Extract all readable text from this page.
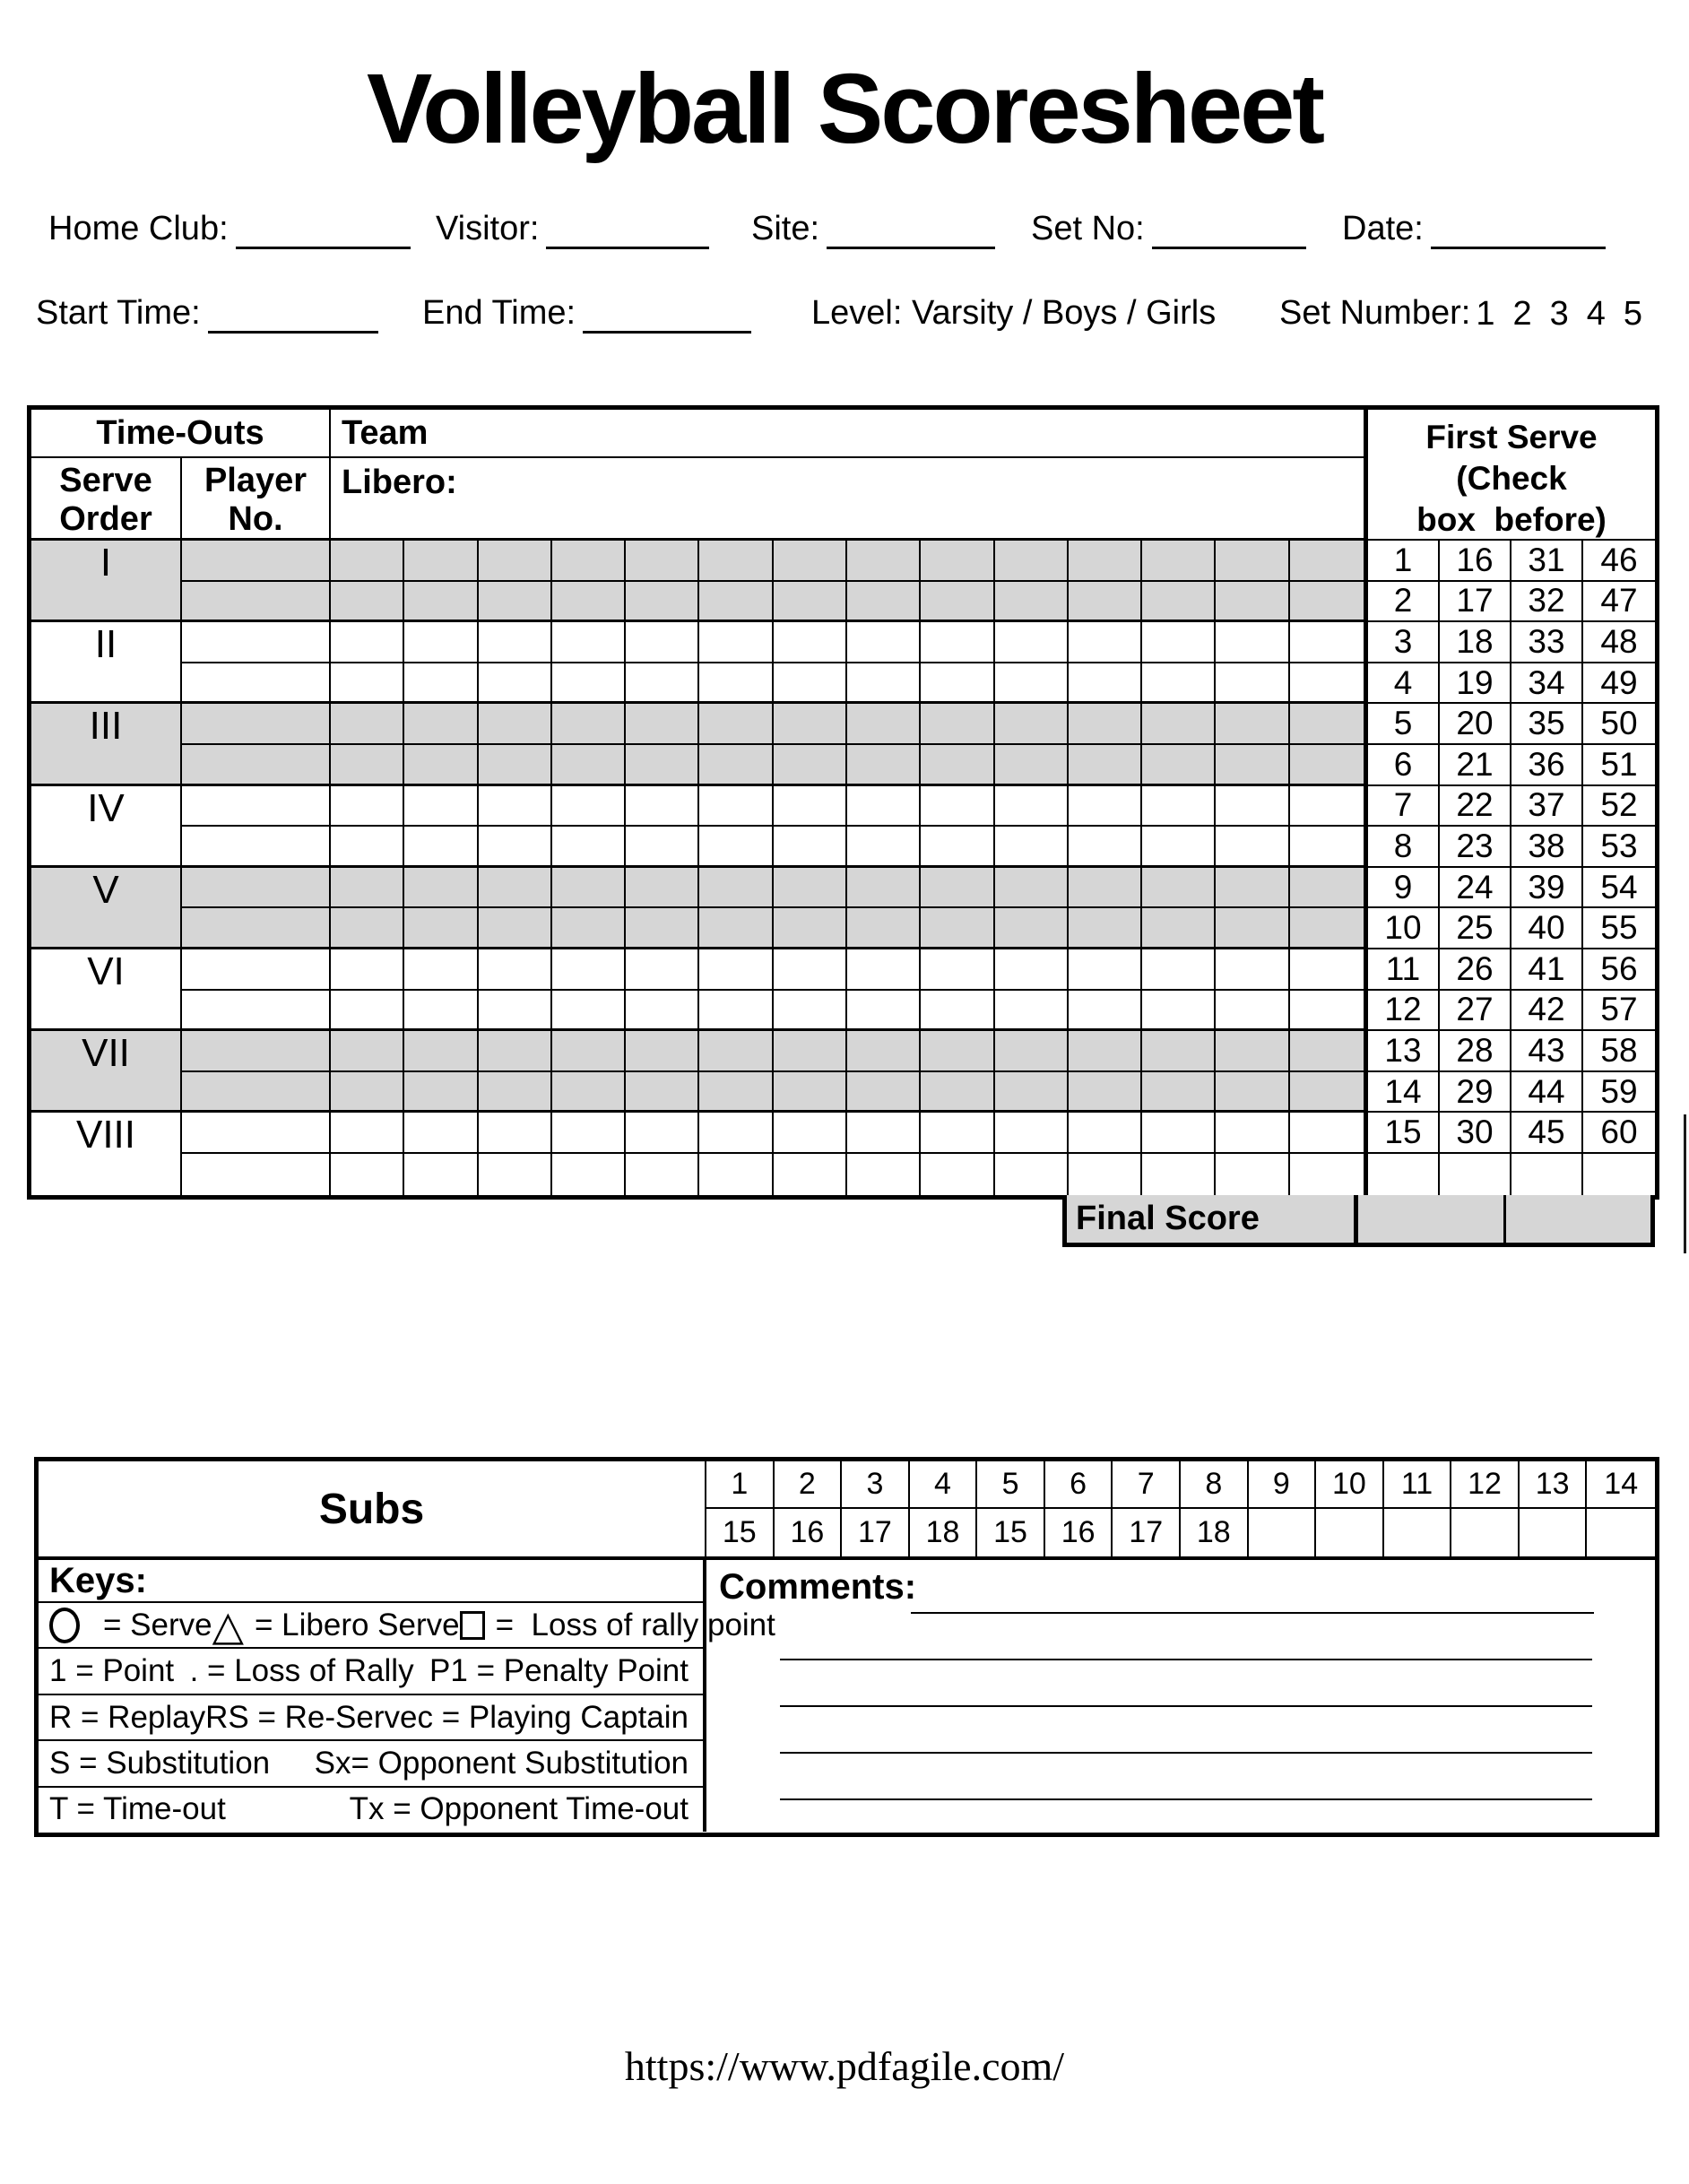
Volleyball Scoresheet
Home Club:	Visitor:	Site:	Set No:	Date:
Start Time:	End Time:	Level: Varsity / Boys / Girls Set Number: 1 2 3 4 5
Time-Outs	Team
Serve
Order
Player
No.
Libero:
I
II
III
IV
V
VI
VII
VIII
First Serve (Check
box  before)
1	16	31	46
2	17	32	47
3	18	33	48
4	19	34	49
5	20	35	50
6	21	36	51
7	22	37	52
8	23	38	53
9	24	39	54
10	25	40	55
11	26	41	56
12	27	42	57
13	28	43	58
14	29	44	59
15	30	45	60
Final Score
Subs
1	2	3	4	5	6	7	8	9	10	11	12	13	14
15	16	17	18	15	16	17	18
Keys:
= Serve △ = Libero Serve =  Loss of rally point
1 = Point . = Loss of Rally P1 = Penalty Point
R = Replay RS = Re-Serve c = Playing Captain
S = Substitution Sx= Opponent Substitution
T = Time-out	Tx = Opponent Time-out
Comments:
https://www.pdfagile.com/
